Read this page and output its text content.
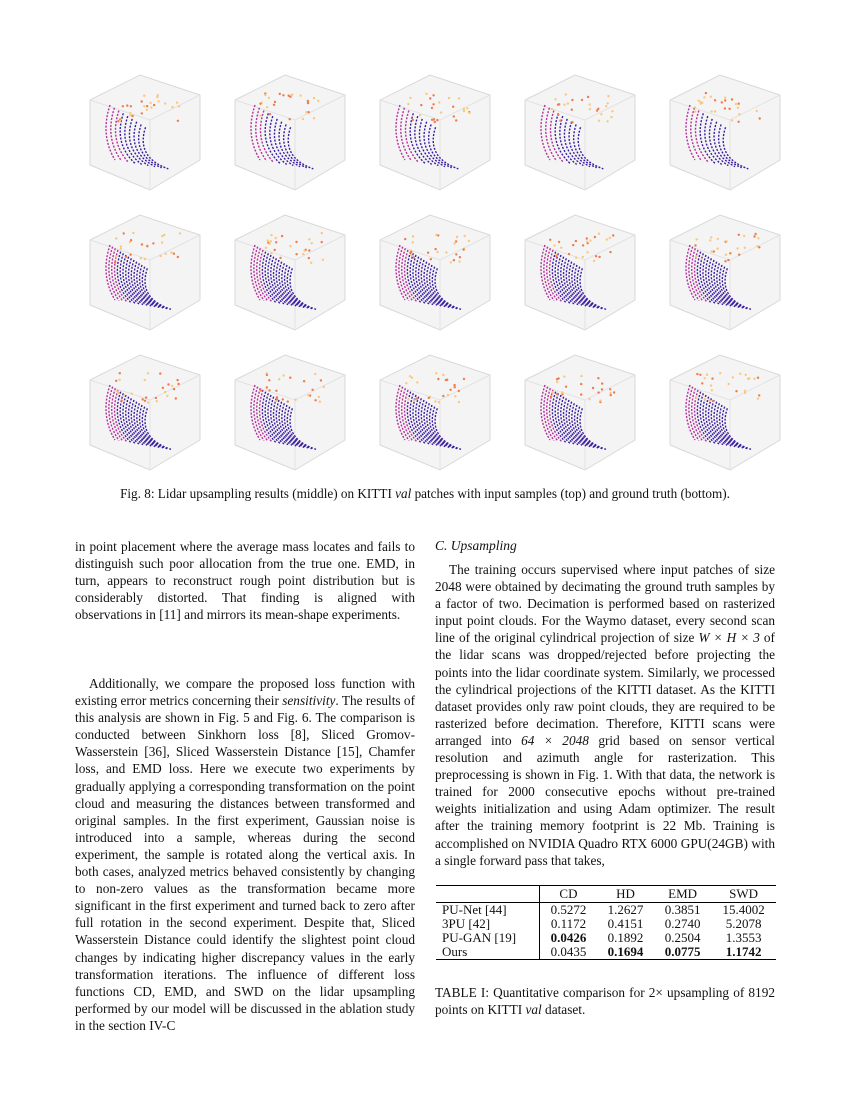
Fig. 8: Lidar upsampling results (middle) on KITTI val patches with input samples (top) and ground truth (bottom).

in point placement where the average mass locates and fails to distinguish such poor allocation from the true one. EMD, in turn, appears to reconstruct rough point distribution but is considerably distorted. That finding is aligned with observations in [11] and mirrors its mean-shape experiments.

Additionally, we compare the proposed loss function with existing error metrics concerning their sensitivity. The results of this analysis are shown in Fig. 5 and Fig. 6. The comparison is conducted between Sinkhorn loss [8], Sliced Gromov-Wasserstein [36], Sliced Wasserstein Distance [15], Chamfer loss, and EMD loss. Here we execute two experiments by gradually applying a corresponding transformation on the point cloud and measuring the distances between transformed and original samples. In the first experiment, Gaussian noise is introduced into a sample, whereas during the second experiment, the sample is rotated along the vertical axis. In both cases, analyzed metrics behaved consistently by changing to non-zero values as the transformation became more significant in the first experiment and turned back to zero after full rotation in the second experiment. Despite that, Sliced Wasserstein Distance could identify the slightest point cloud changes by indicating higher discrepancy values in the early transformation iterations. The influence of different loss functions CD, EMD, and SWD on the lidar upsampling performed by our model will be discussed in the ablation study in the section IV-C

C. Upsampling

The training occurs supervised where input patches of size 2048 were obtained by decimating the ground truth samples by a factor of two. Decimation is performed based on rasterized input point clouds. For the Waymo dataset, every second scan line of the original cylindrical projection of size W × H × 3 of the lidar scans was dropped/rejected before projecting the points into the lidar coordinate system. Similarly, we processed the cylindrical projections of the KITTI dataset. As the KITTI dataset provides only raw point clouds, they are required to be rasterized before decimation. Therefore, KITTI scans were arranged into 64 × 2048 grid based on sensor vertical resolution and azimuth angle for rasterization. This preprocessing is shown in Fig. 1. With that data, the network is trained for 2000 consecutive epochs without pre-trained weights initialization and using Adam optimizer. The result after the training memory footprint is 22 Mb. Training is accomplished on NVIDIA Quadro RTX 6000 GPU(24GB) with a single forward pass that takes,

	CD	HD	EMD	SWD
PU-Net [44]	0.5272	1.2627	0.3851	15.4002
3PU [42]	0.1172	0.4151	0.2740	5.2078
PU-GAN [19]	0.0426	0.1892	0.2504	1.3553
Ours	0.0435	0.1694	0.0775	1.1742
TABLE I: Quantitative comparison for 2× upsampling of 8192 points on KITTI val dataset.
